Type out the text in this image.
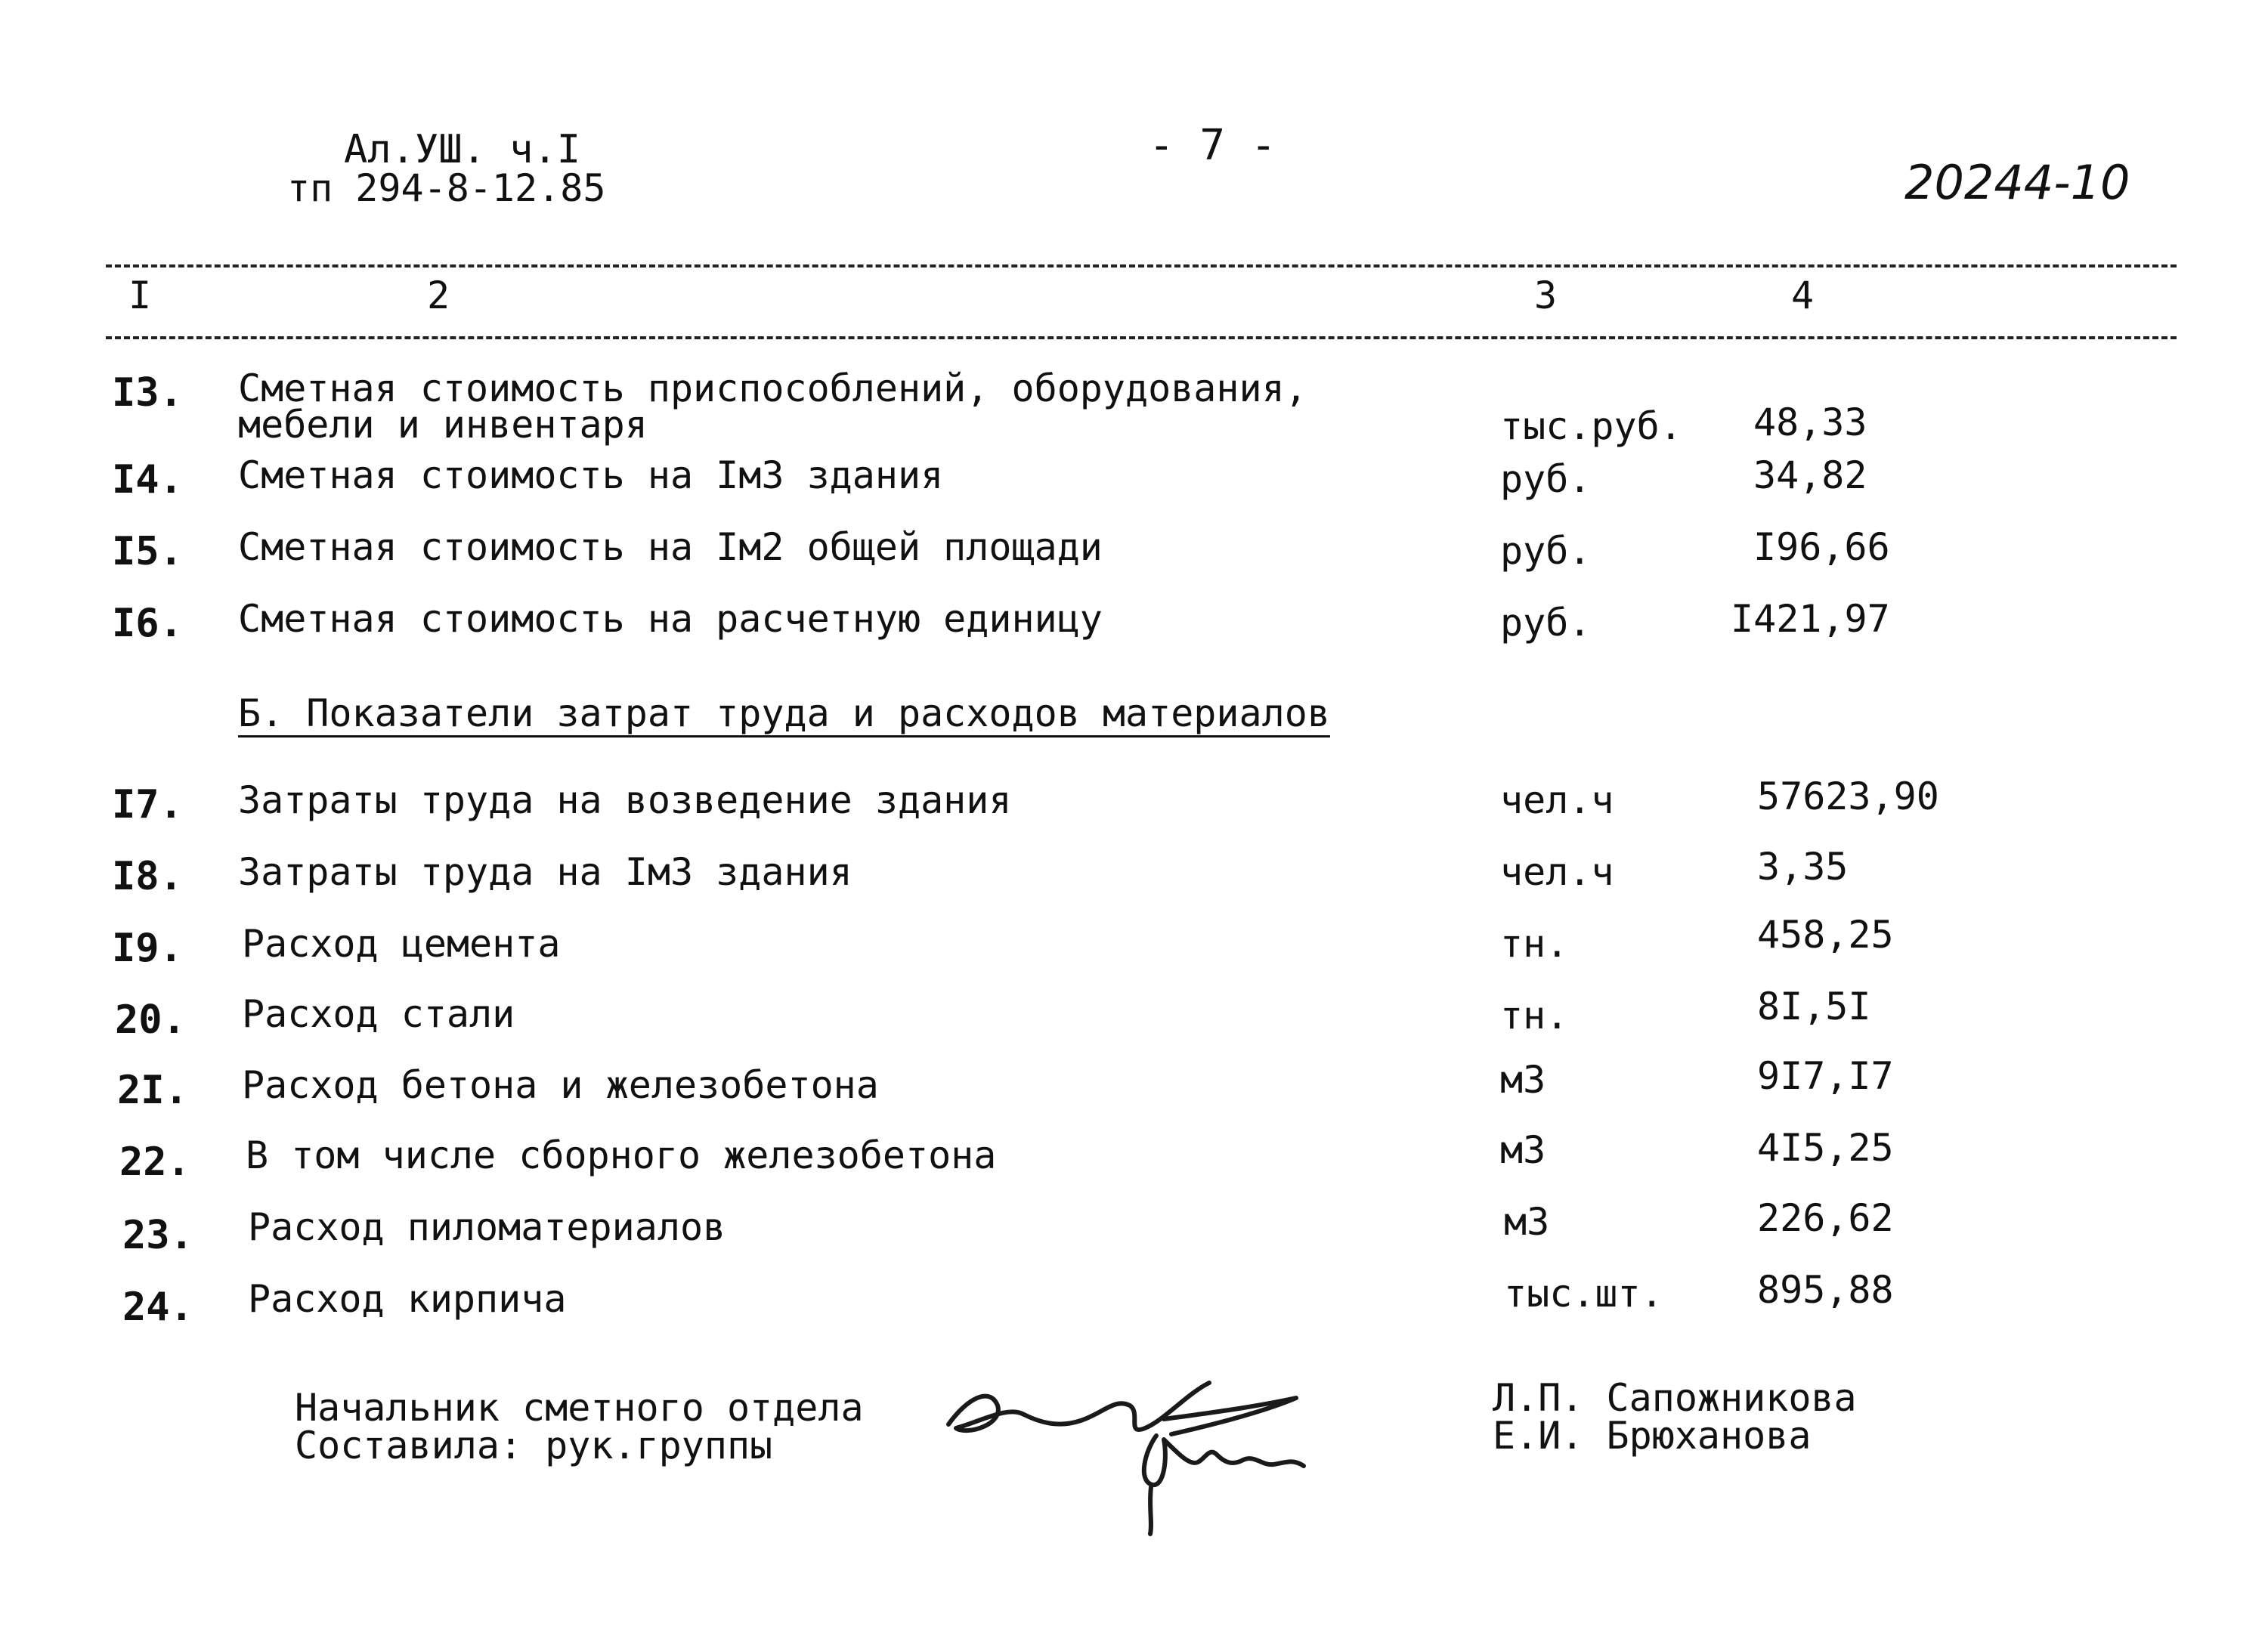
Ал.УШ. ч.I
тп 294-8-12.85
- 7 -
20244-10
I	2	3	4
I3. Сметная стоимость приспособлений, оборудования,
мебели и инвентаря	тыс.руб. 48,33
I4. Сметная стоимость на Iм3 здания	руб.	34,82
I5. Сметная стоимость на Iм2 общей площади	руб.	I96,66
I6. Сметная стоимость на расчетную единицу	руб.	I421,97
Б. Показатели затрат труда и расходов материалов
I7. Затраты труда на возведение здания	чел.ч	57623,90
I8. Затраты труда на Iм3 здания	чел.ч	3,35
I9. Расход цемента	тн.	458,25
20. Расход стали	тн.	8I,5I
2I. Расход бетона и железобетона	м3	9I7,I7
22. В том числе сборного железобетона	м3	4I5,25
23. Расход пиломатериалов	м3	226,62
24. Расход кирпича	тыс.шт. 895,88
Начальник сметного отдела
Составила: рук.группы
Л.П. Сапожникова
Е.И. Брюханова
